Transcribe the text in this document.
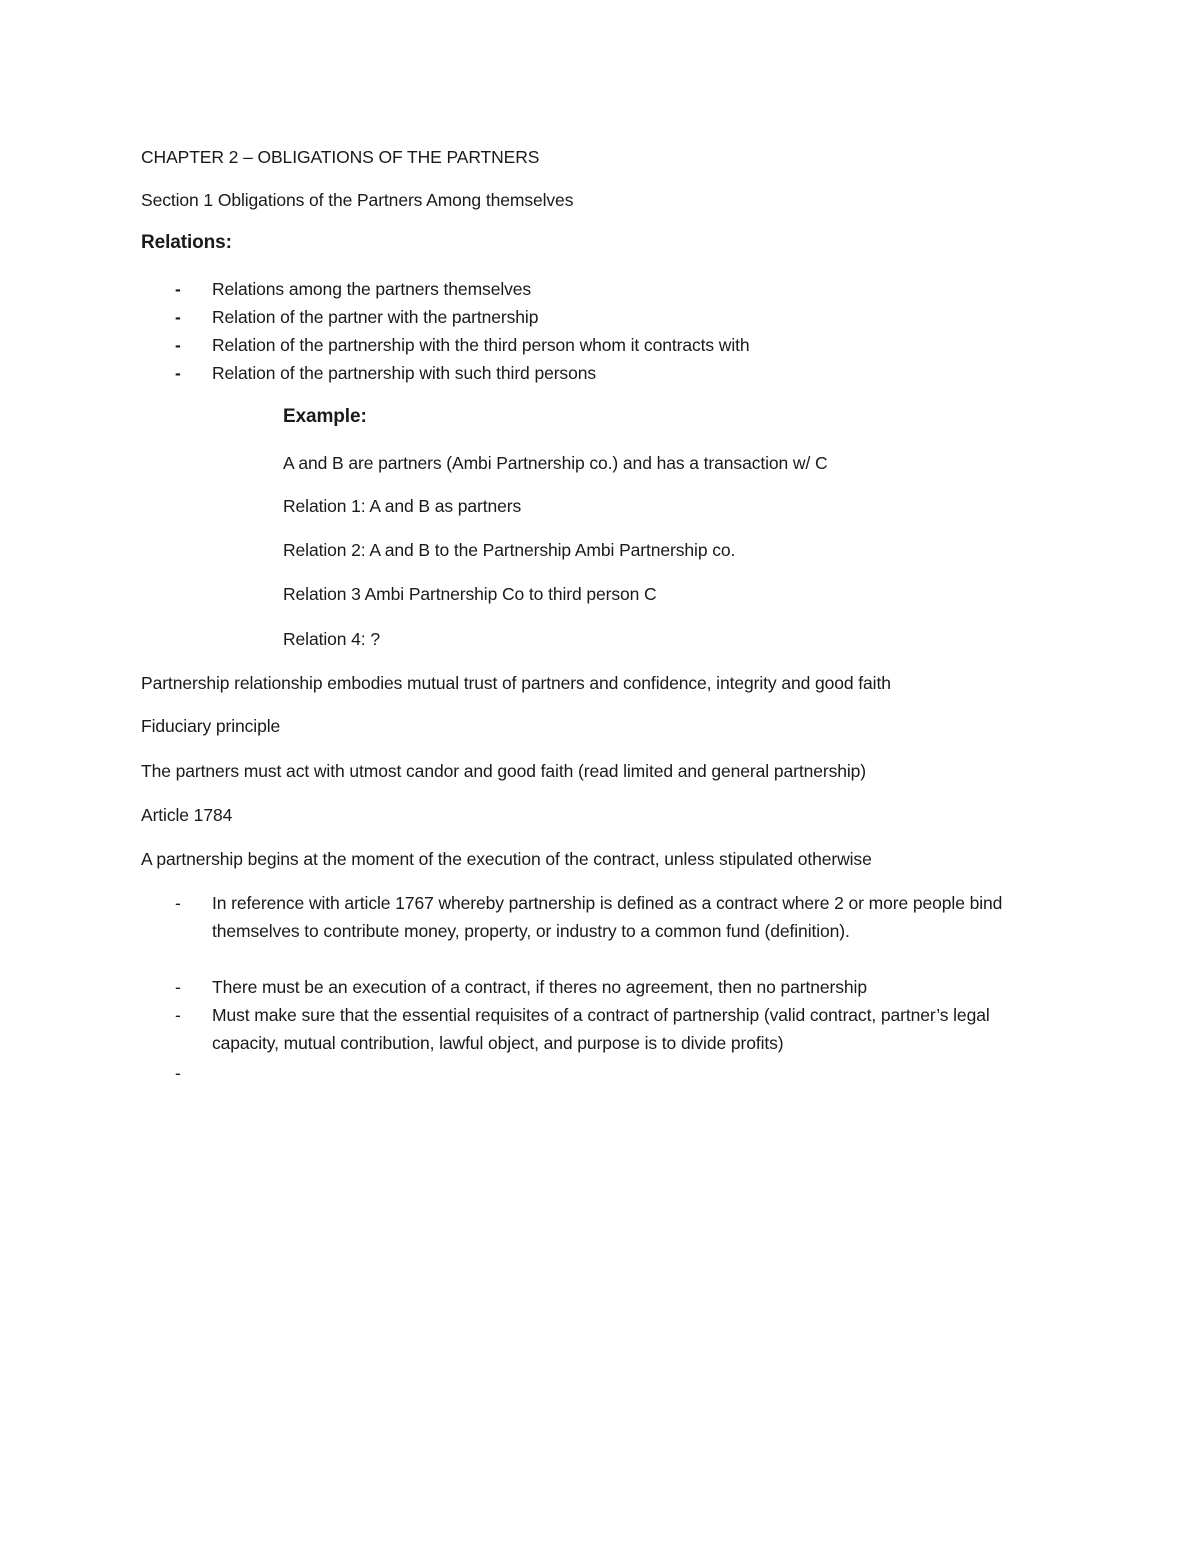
CHAPTER 2 – OBLIGATIONS OF THE PARTNERS
Section 1 Obligations of the Partners Among themselves
Relations:
- Relations among the partners themselves
- Relation of the partner with the partnership
- Relation of the partnership with the third person whom it contracts with
- Relation of the partnership with such third persons
Example:
A and B are partners (Ambi Partnership co.) and has a transaction w/ C
Relation 1: A and B as partners
Relation 2: A and B to the Partnership Ambi Partnership co.
Relation 3 Ambi Partnership Co to third person C
Relation 4: ?
Partnership relationship embodies mutual trust of partners and confidence, integrity and good faith
Fiduciary principle
The partners must act with utmost candor and good faith (read limited and general partnership)
Article 1784
A partnership begins at the moment of the execution of the contract, unless stipulated otherwise
- In reference with article 1767 whereby partnership is defined as a contract where 2 or more people bind themselves to contribute money, property, or industry to a common fund (definition).
- There must be an execution of a contract, if theres no agreement, then no partnership
- Must make sure that the essential requisites of a contract of partnership (valid contract, partner’s legal capacity, mutual contribution, lawful object, and purpose is to divide profits)
-
